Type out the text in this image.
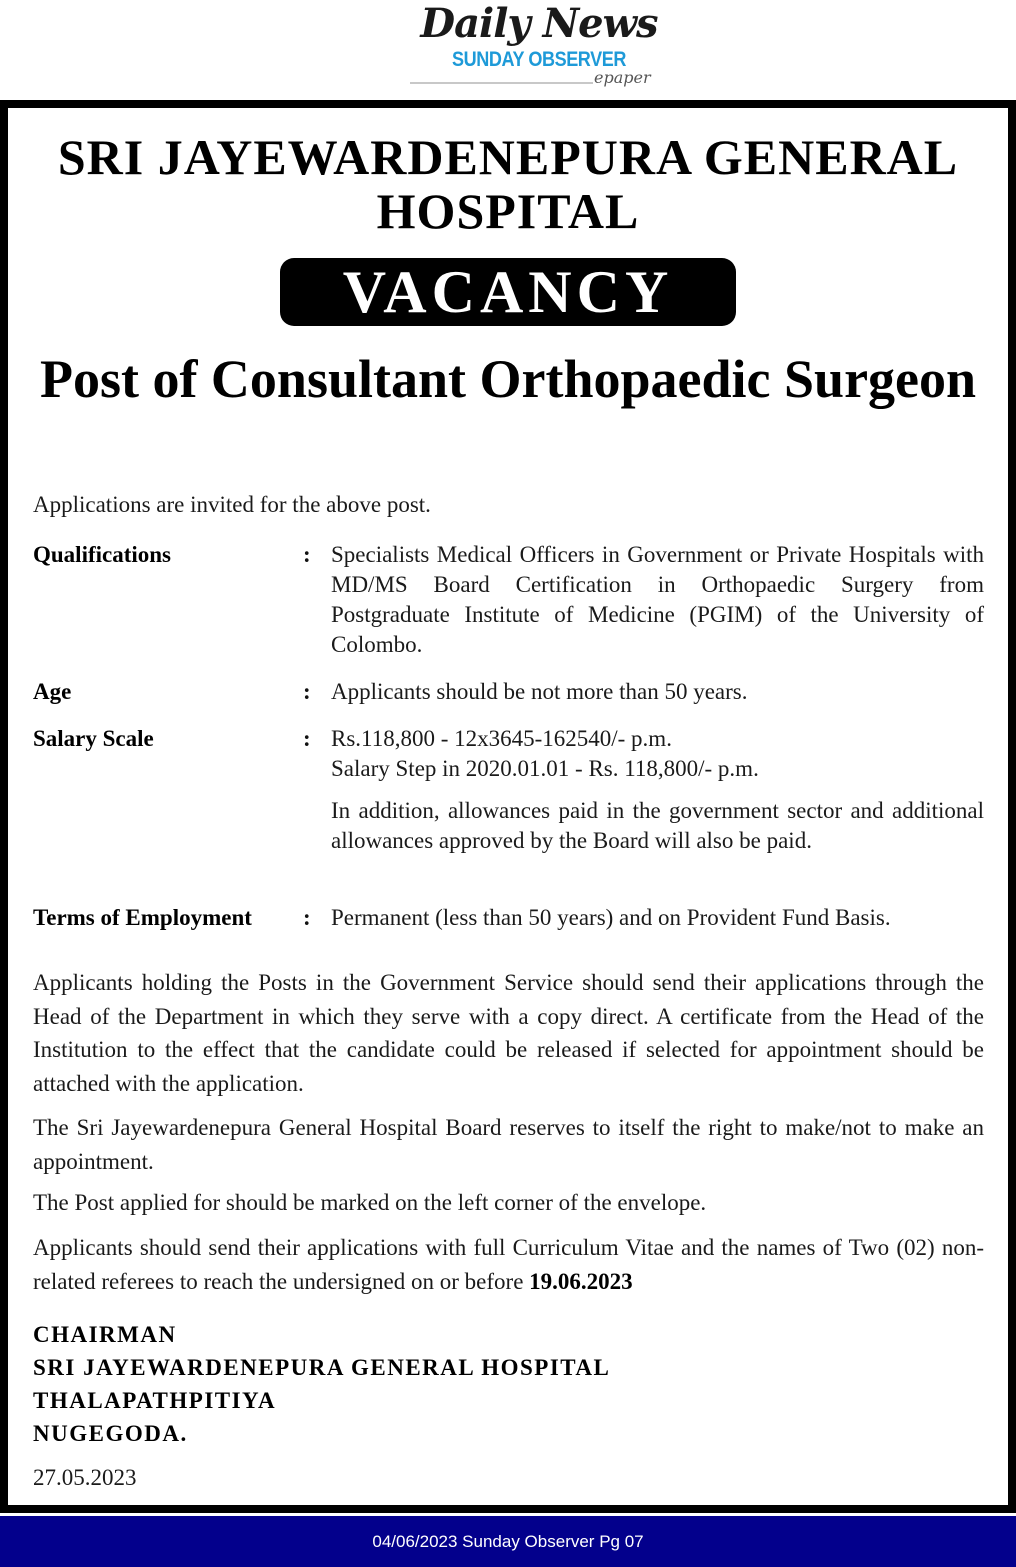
Daily News
SUNDAY OBSERVER
epaper
SRI JAYEWARDENEPURA GENERAL HOSPITAL
VACANCY
Post of Consultant Orthopaedic Surgeon
Applications are invited for the above post.
Qualifications	: Specialists Medical Officers in Government or Private Hospitals with MD/MS Board Certification in Orthopaedic Surgery from Postgraduate Institute of Medicine (PGIM) of the University of Colombo.

Age	: Applicants should be not more than 50 years.

Salary Scale	: Rs.118,800 - 12x3645-162540/- p.m.

Salary Step in 2020.01.01 - Rs. 118,800/- p.m.

In addition, allowances paid in the government sector and additional allowances approved by the Board will also be paid.

Terms of Employment : Permanent (less than 50 years) and on Provident Fund Basis.

Applicants holding the Posts in the Government Service should send their applications through the Head of the Department in which they serve with a copy direct. A certificate from the Head of the Institution to the effect that the candidate could be released if selected for appointment should be attached with the application.

The Sri Jayewardenepura General Hospital Board reserves to itself the right to make/not to make an appointment.

The Post applied for should be marked on the left corner of the envelope.

Applicants should send their applications with full Curriculum Vitae and the names of Two (02) non-related referees to reach the undersigned on or before 19.06.2023

CHAIRMAN
SRI JAYEWARDENEPURA GENERAL HOSPITAL
THALAPATHPITIYA
NUGEGODA.
27.05.2023
04/06/2023 Sunday Observer Pg 07
